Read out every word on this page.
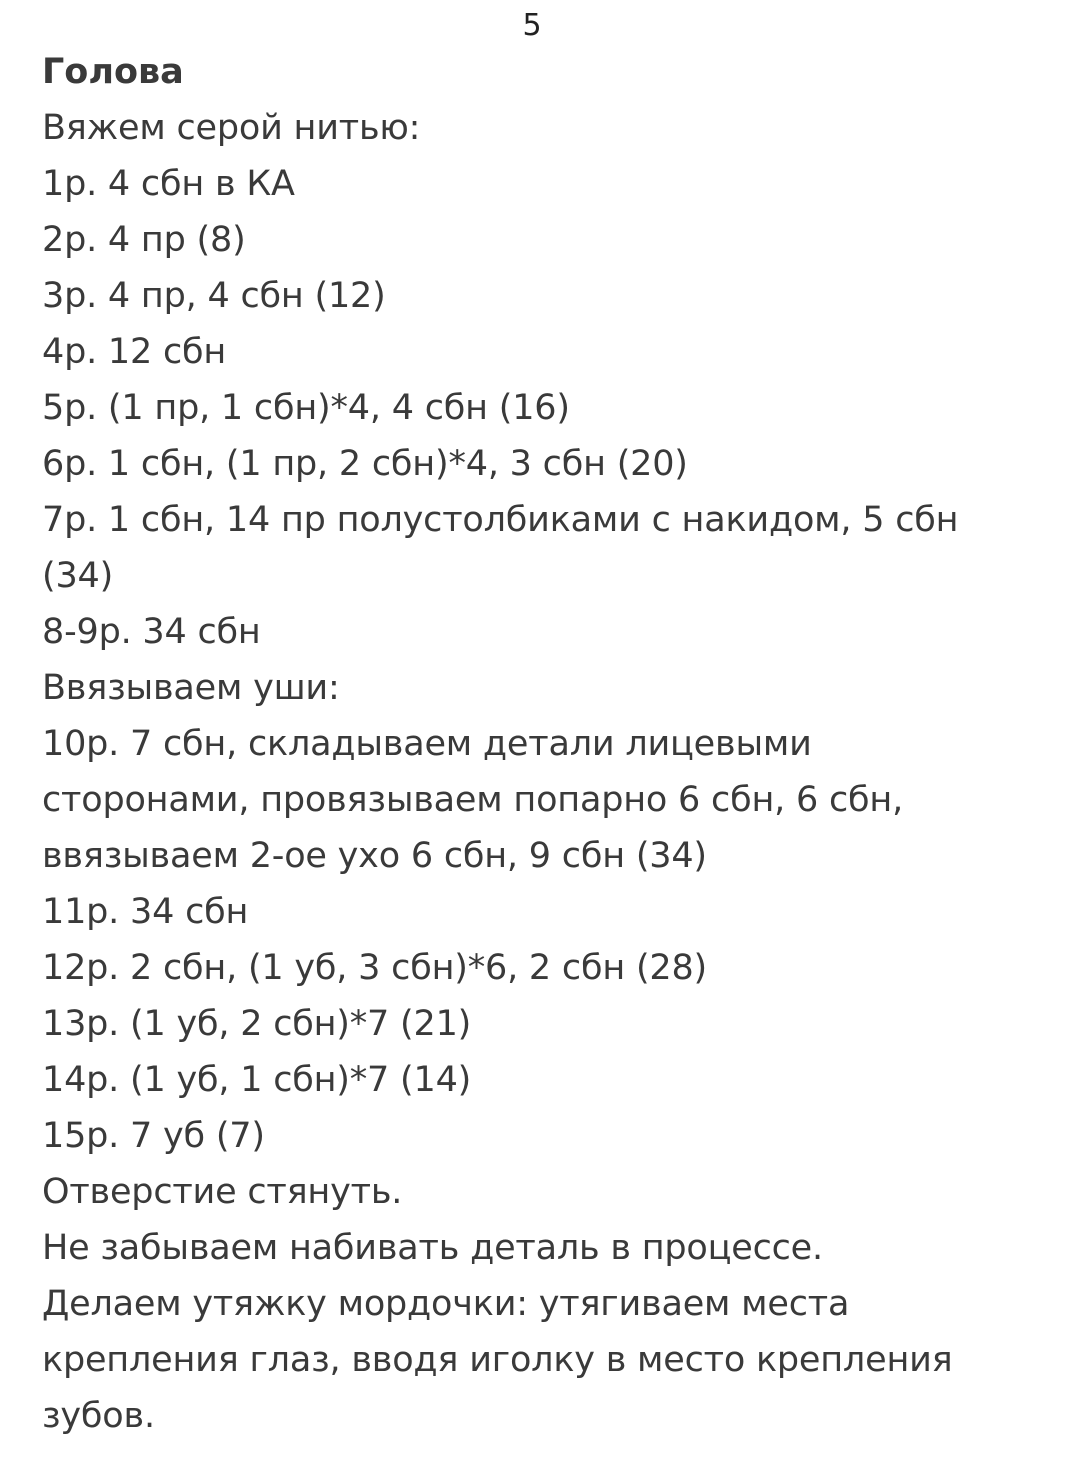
5
Голова
Вяжем серой нитью:
1р. 4 сбн в КА
2р. 4 пр (8)
3р. 4 пр, 4 сбн (12)
4р. 12 сбн
5р. (1 пр, 1 сбн)*4, 4 сбн (16)
6р. 1 сбн, (1 пр, 2 сбн)*4, 3 сбн (20)
7р. 1 сбн, 14 пр полустолбиками с накидом, 5 сбн
(34)
8-9р. 34 сбн
Ввязываем уши:
10р. 7 сбн, складываем детали лицевыми
сторонами, провязываем попарно 6 сбн, 6 сбн,
ввязываем 2-ое ухо 6 сбн, 9 сбн (34)
11р. 34 сбн
12р. 2 сбн, (1 уб, 3 сбн)*6, 2 сбн (28)
13р. (1 уб, 2 сбн)*7 (21)
14р. (1 уб, 1 сбн)*7 (14)
15р. 7 уб (7)
Отверстие стянуть.
Не забываем набивать деталь в процессе.
Делаем утяжку мордочки: утягиваем места
крепления глаз, вводя иголку в место крепления
зубов.
